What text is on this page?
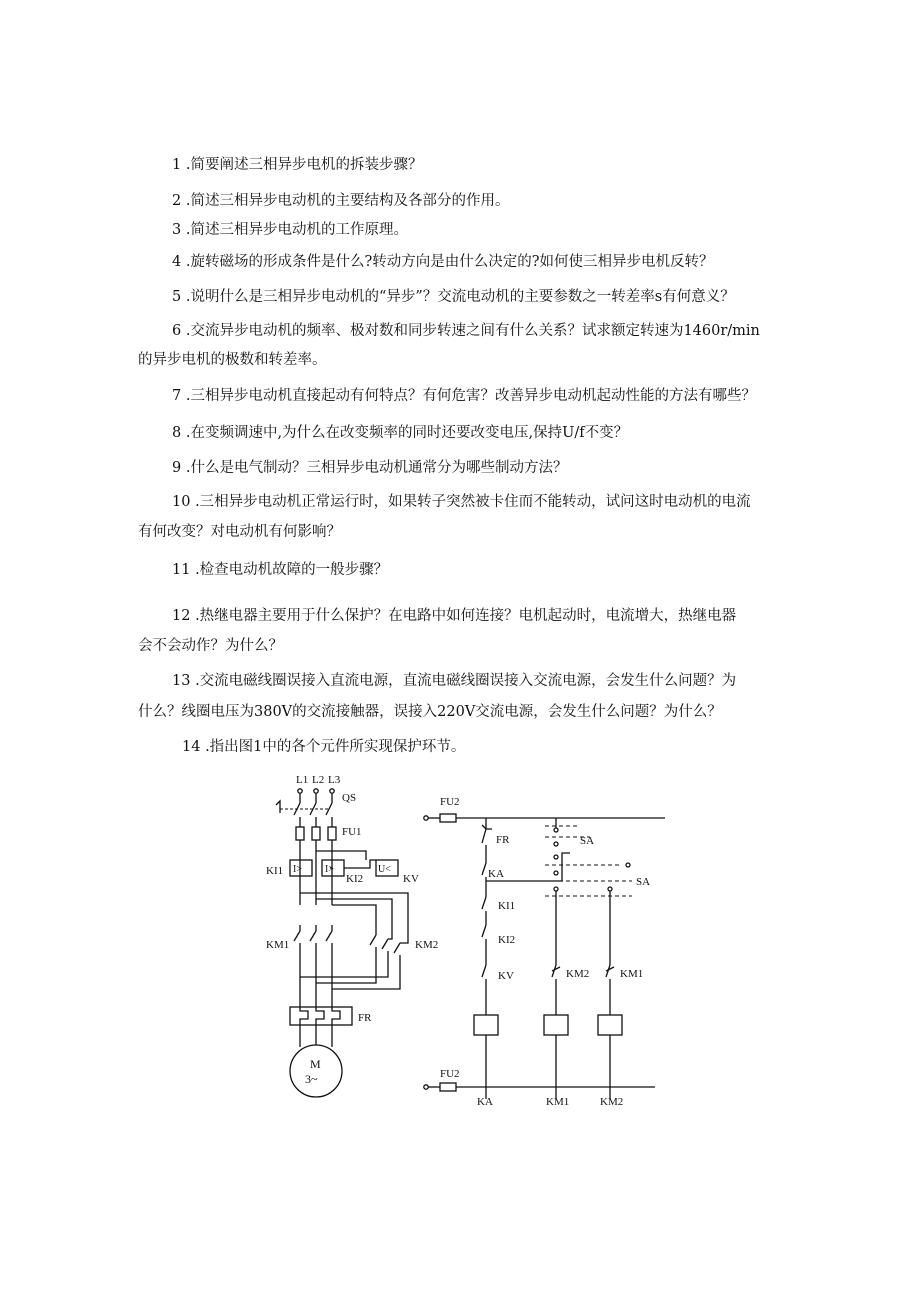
1 .简要阐述三相异步电机的拆装步骤？
2 .简述三相异步电动机的主要结构及各部分的作用。
3 .简述三相异步电动机的工作原理。
4 .旋转磁场的形成条件是什么?转动方向是由什么决定的?如何使三相异步电机反转？
5 .说明什么是三相异步电动机的“异步”？交流电动机的主要参数之一转差率s有何意义？
6 .交流异步电动机的频率、极对数和同步转速之间有什么关系？试求额定转速为1460r/min
的异步电机的极数和转差率。
7 .三相异步电动机直接起动有何特点？有何危害？改善异步电动机起动性能的方法有哪些？
8 .在变频调速中,为什么在改变频率的同时还要改变电压,保持U/f不变？
9 .什么是电气制动？三相异步电动机通常分为哪些制动方法？
10 .三相异步电动机正常运行时，如果转子突然被卡住而不能转动，试问这时电动机的电流
有何改变？对电动机有何影响？
11 .检查电动机故障的一般步骤？
12 .热继电器主要用于什么保护？在电路中如何连接？电机起动时，电流增大，热继电器
会不会动作？为什么？
13 .交流电磁线圈误接入直流电源，直流电磁线圈误接入交流电源，会发生什么问题？为
什么？线圈电压为380V的交流接触器，误接入220V交流电源，会发生什么问题？为什么？
14 .指出图1中的各个元件所实现保护环节。
L1 L2 L3
QS
FU1
I>
KI1	I>
KI2
U<
KV
KM1	KM2
FR
M
3~
FU2
FR
KA
KI1
KI2
KV
SA
SA
KM2	KM1
FU2
KA	KM1	KM2
